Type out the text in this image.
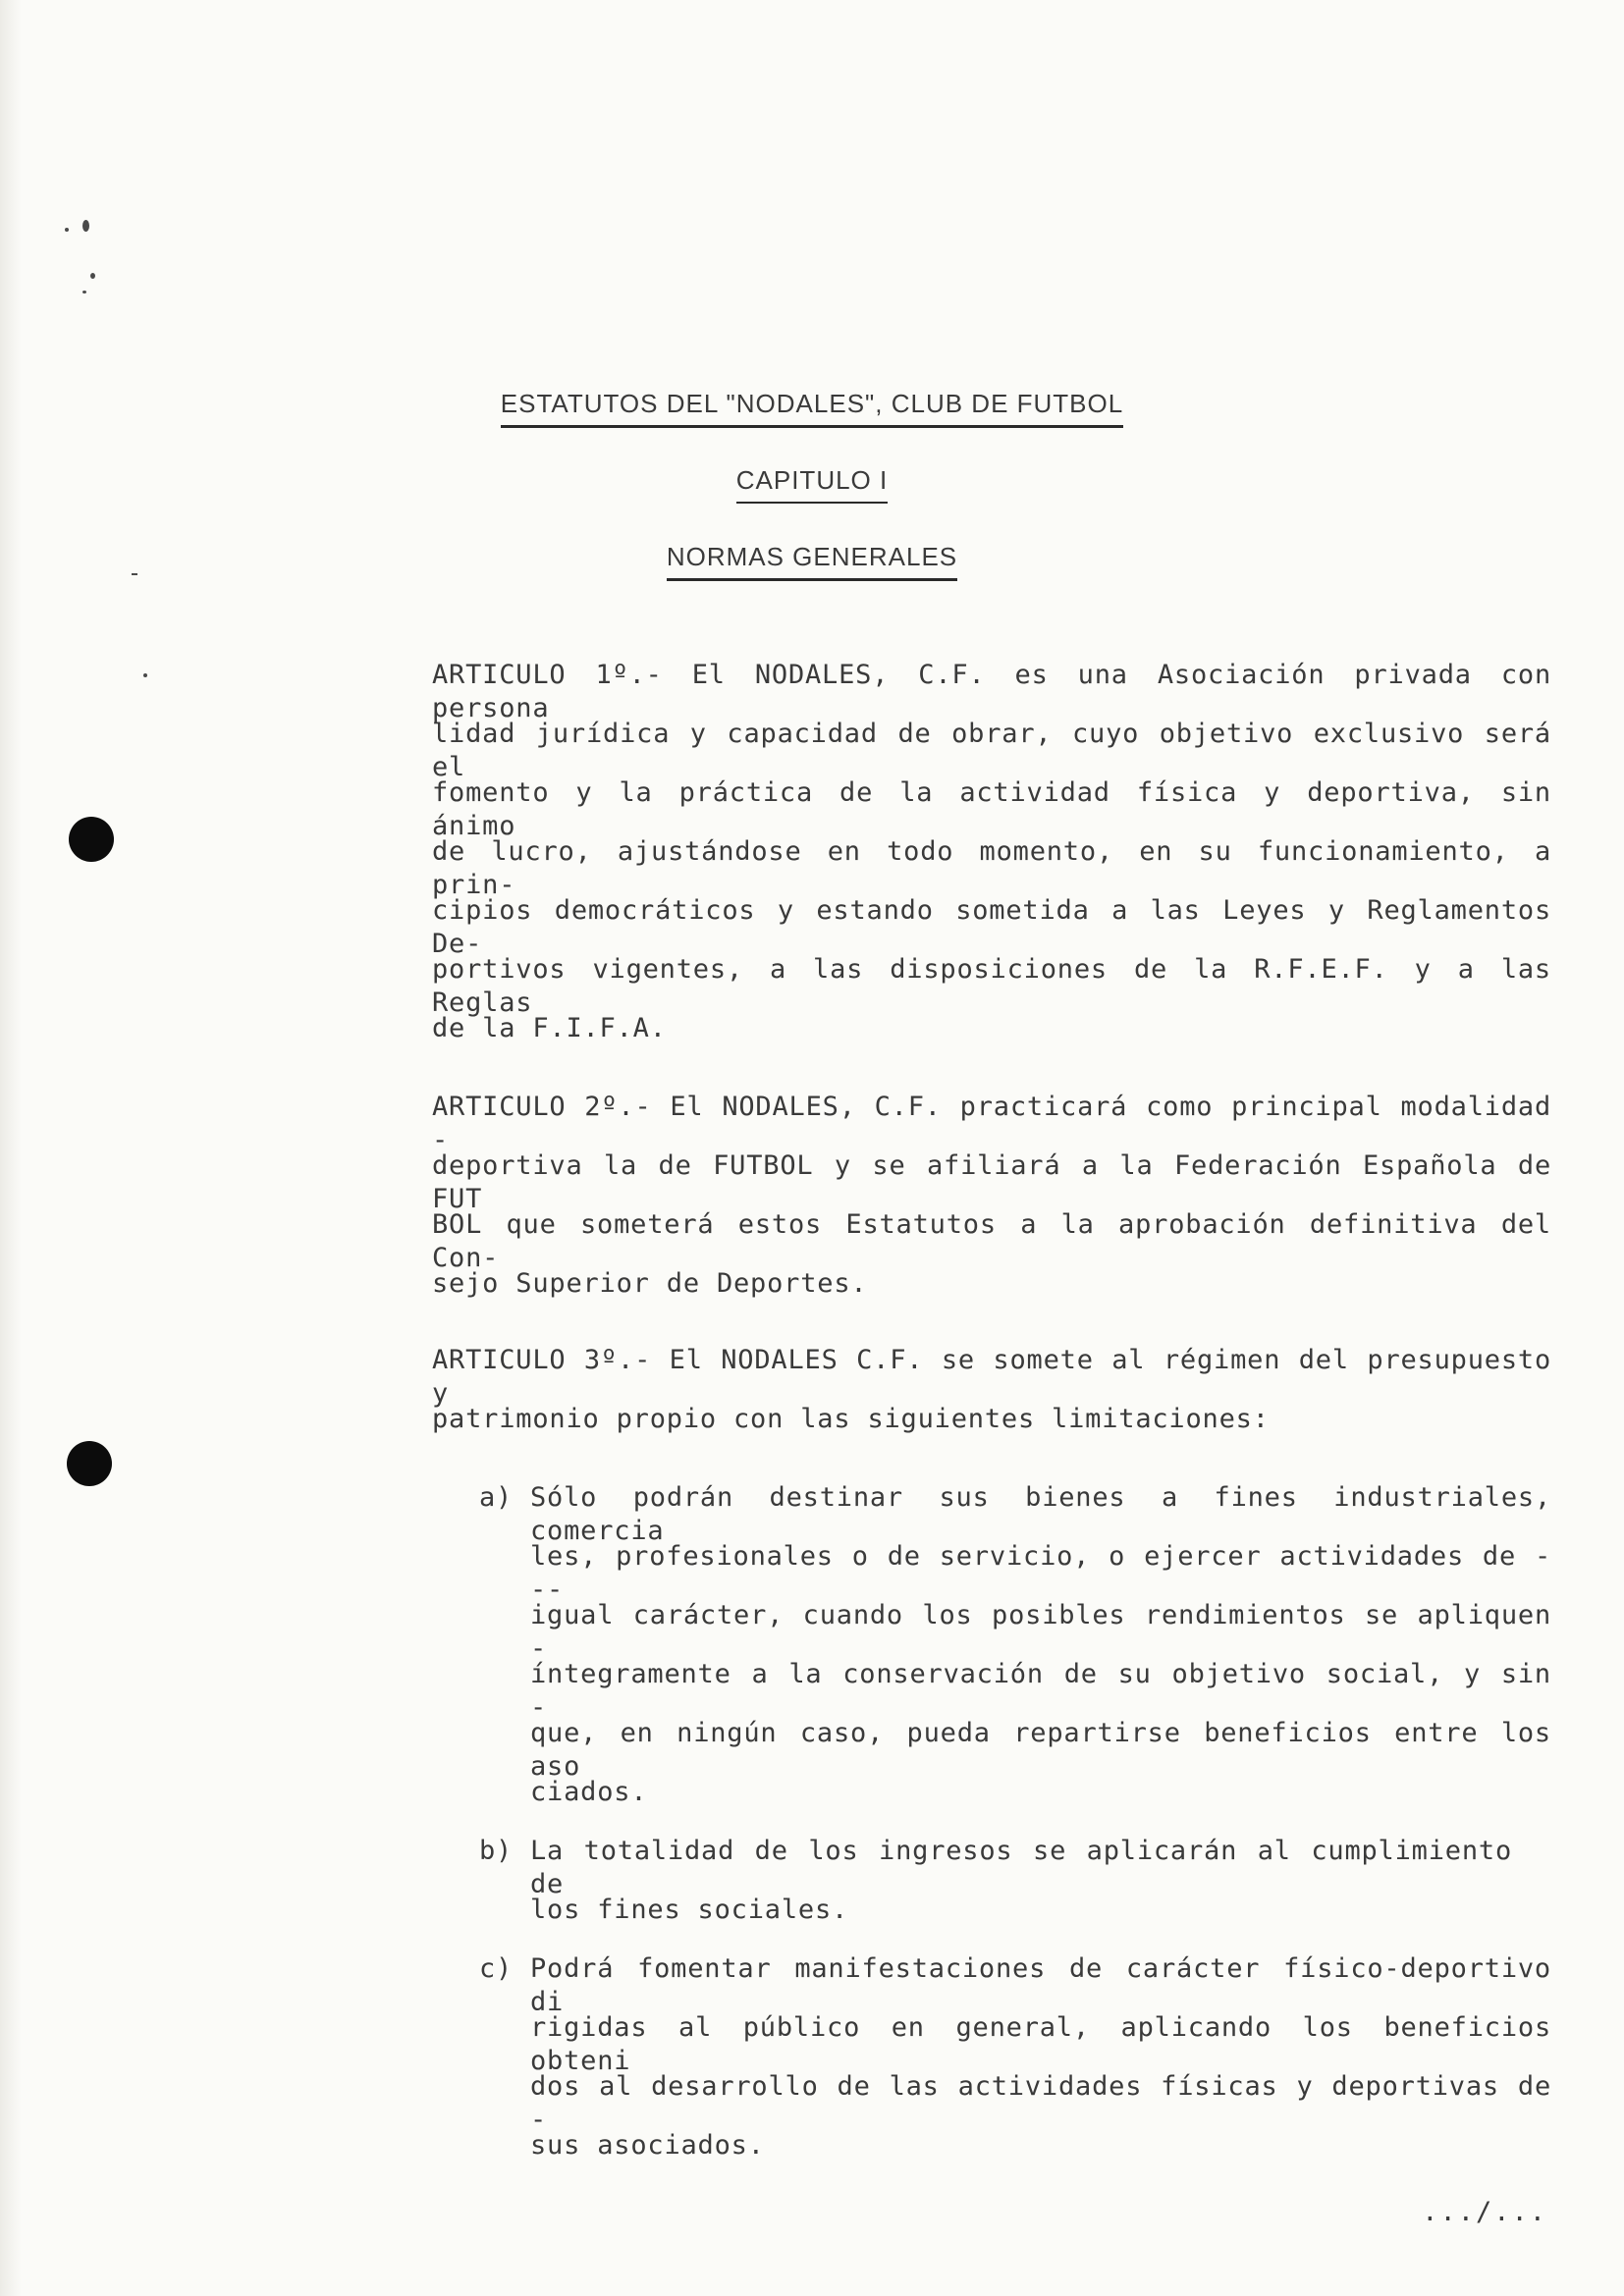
ESTATUTOS DEL "NODALES", CLUB DE FUTBOL
CAPITULO I
NORMAS GENERALES
ARTICULO 1º.- El NODALES, C.F. es una Asociación privada con persona
lidad jurídica y capacidad de obrar, cuyo objetivo exclusivo será el
fomento y la práctica de la actividad física y deportiva, sin ánimo
de lucro, ajustándose en todo momento, en su funcionamiento, a prin-
cipios democráticos y estando sometida a las Leyes y Reglamentos De-
portivos vigentes, a las disposiciones de la R.F.E.F. y a las Reglas
de la F.I.F.A.
ARTICULO 2º.- El NODALES, C.F. practicará como principal modalidad -
deportiva la de FUTBOL y se afiliará a la Federación Española de FUT
BOL que someterá estos Estatutos a la aprobación definitiva del Con-
sejo Superior de Deportes.
ARTICULO 3º.- El NODALES C.F. se somete al régimen del presupuesto y
patrimonio propio con las siguientes limitaciones:
a) Sólo podrán destinar sus bienes a fines industriales, comercia
les, profesionales o de servicio, o ejercer actividades de ---
igual carácter, cuando los posibles rendimientos se apliquen -
íntegramente a la conservación de su objetivo social, y sin -
que, en ningún caso, pueda repartirse beneficios entre los aso
ciados.
b) La totalidad de los ingresos se aplicarán al cumplimiento de
los fines sociales.
c) Podrá fomentar manifestaciones de carácter físico-deportivo di
rigidas al público en general, aplicando los beneficios obteni
dos al desarrollo de las actividades físicas y deportivas de -
sus asociados.
.../...
